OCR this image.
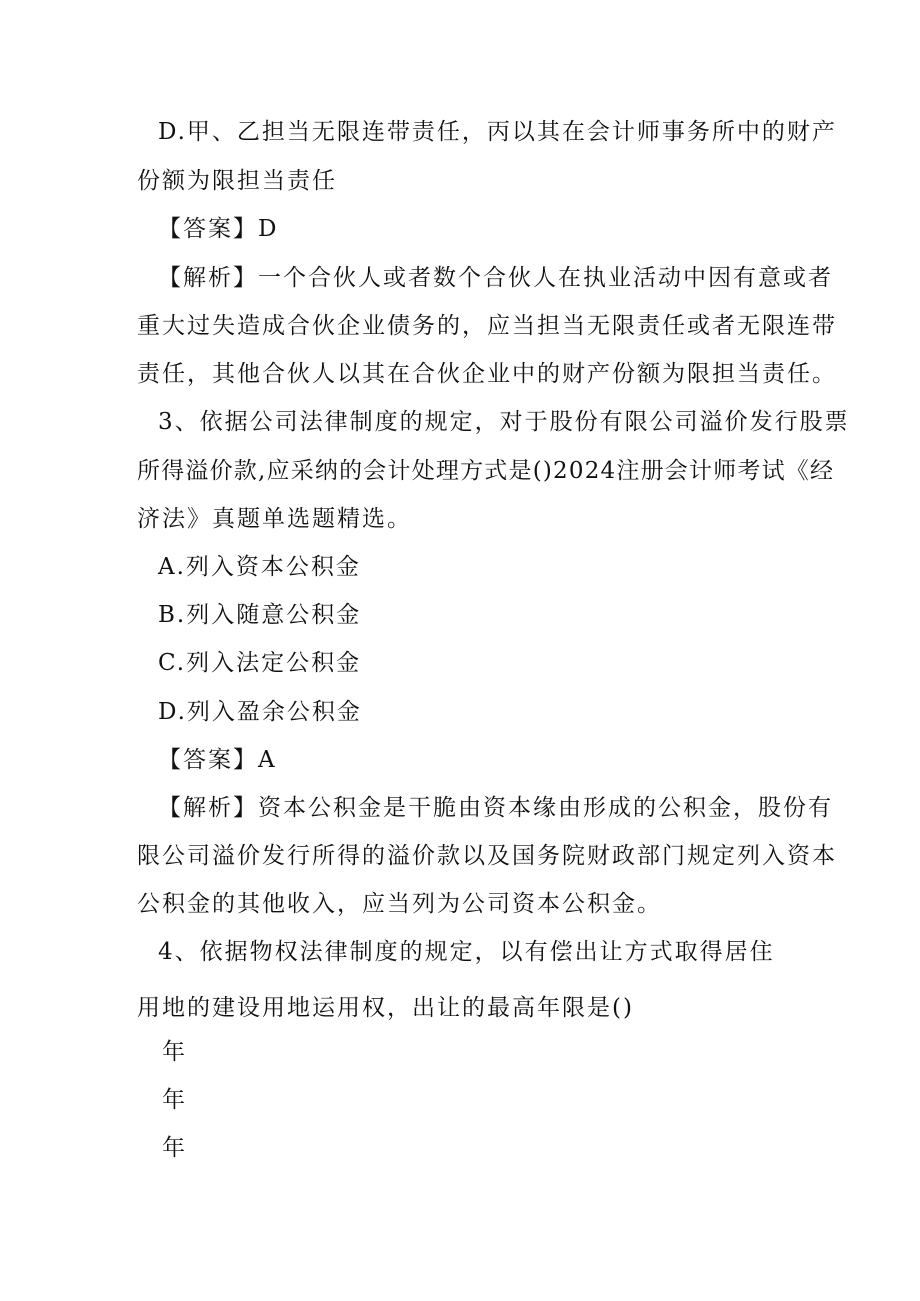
D.甲、乙担当无限连带责任，丙以其在会计师事务所中的财产
份额为限担当责任
【答案】D
【解析】一个合伙人或者数个合伙人在执业活动中因有意或者
重大过失造成合伙企业债务的，应当担当无限责任或者无限连带
责任，其他合伙人以其在合伙企业中的财产份额为限担当责任。
3、依据公司法律制度的规定，对于股份有限公司溢价发行股票
所得溢价款,应采纳的会计处理方式是()2024注册会计师考试《经
济法》真题单选题精选。
A.列入资本公积金
B.列入随意公积金
C.列入法定公积金
D.列入盈余公积金
【答案】A
【解析】资本公积金是干脆由资本缘由形成的公积金，股份有
限公司溢价发行所得的溢价款以及国务院财政部门规定列入资本
公积金的其他收入，应当列为公司资本公积金。
4、依据物权法律制度的规定，以有偿出让方式取得居住
用地的建设用地运用权，出让的最高年限是()
年
年
年
